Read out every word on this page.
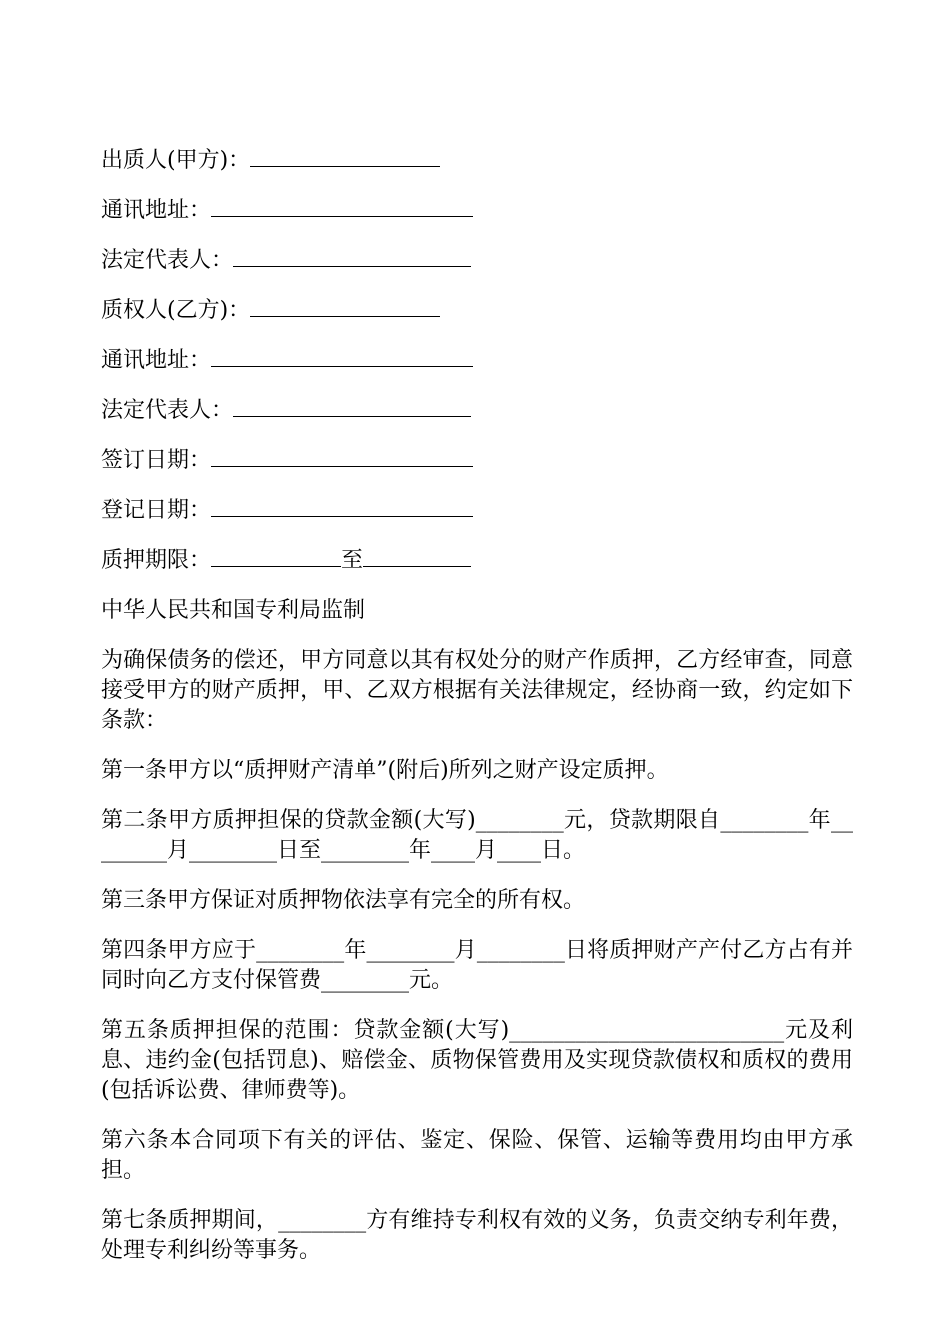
出质人(甲方)：
通讯地址：
法定代表人：
质权人(乙方)：
通讯地址：
法定代表人：
签订日期：
登记日期：
质押期限：	至
中华人民共和国专利局监制

为确保债务的偿还，甲方同意以其有权处分的财产作质押，乙方经审查，同意接受甲方的财产质押，甲、乙双方根据有关法律规定，经协商一致，约定如下条款：

第一条甲方以“质押财产清单”(附后)所列之财产设定质押。

第二条甲方质押担保的贷款金额(大写)________元，贷款期限自________年________月________日至________年____月____日。

第三条甲方保证对质押物依法享有完全的所有权。

第四条甲方应于________年________月________日将质押财产产付乙方占有并同时向乙方支付保管费________元。

第五条质押担保的范围：贷款金额(大写)_________________________元及利息、违约金(包括罚息)、赔偿金、质物保管费用及实现贷款债权和质权的费用(包括诉讼费、律师费等)。

第六条本合同项下有关的评估、鉴定、保险、保管、运输等费用均由甲方承担。

第七条质押期间，________方有维持专利权有效的义务，负责交纳专利年费，处理专利纠纷等事务。
